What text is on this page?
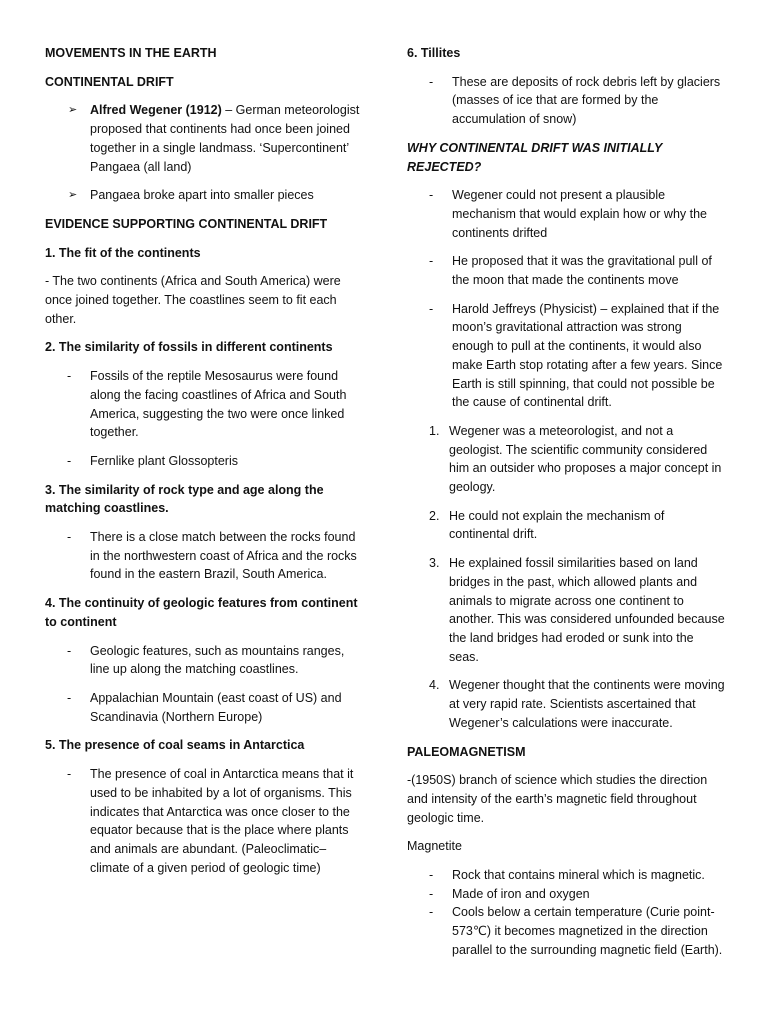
MOVEMENTS IN THE EARTH

CONTINENTAL DRIFT

➢	Alfred Wegener (1912) – German meteorologist proposed that continents had once been joined together in a single landmass. ‘Supercontinent’ Pangaea (all land)
➢	Pangaea broke apart into smaller pieces

EVIDENCE SUPPORTING CONTINENTAL DRIFT

1. The fit of the continents

- The two continents (Africa and South America) were once joined together. The coastlines seem to fit each other.

2. The similarity of fossils in different continents

-	Fossils of the reptile Mesosaurus were found along the facing coastlines of Africa and South America, suggesting the two were once linked together.
-	Fernlike plant Glossopteris

3. The similarity of rock type and age along the matching coastlines.

-	There is a close match between the rocks found in the northwestern coast of Africa and the rocks found in the eastern Brazil, South America.

4. The continuity of geologic features from continent to continent

-	Geologic features, such as mountains ranges, line up along the matching coastlines.
-	Appalachian Mountain (east coast of US) and Scandinavia (Northern Europe)

5. The presence of coal seams in Antarctica

-	The presence of coal in Antarctica means that it used to be inhabited by a lot of organisms. This indicates that Antarctica was once closer to the equator because that is the place where plants and animals are abundant. (Paleoclimatic– climate of a given period of geologic time)

6. Tillites

-	These are deposits of rock debris left by glaciers (masses of ice that are formed by the accumulation of snow)

WHY CONTINENTAL DRIFT WAS INITIALLY REJECTED?

-	Wegener could not present a plausible mechanism that would explain how or why the continents drifted
-	He proposed that it was the gravitational pull of the moon that made the continents move
-	Harold Jeffreys (Physicist) – explained that if the moon’s gravitational attraction was strong enough to pull at the continents, it would also make Earth stop rotating after a few years. Since Earth is still spinning, that could not possible be the cause of continental drift.
1 .	Wegener was a meteorologist, and not a geologist. The scientific community considered him an outsider who proposes a major concept in geology.
2 .	He could not explain the mechanism of continental drift.
3 .	He explained fossil similarities based on land bridges in the past, which allowed plants and animals to migrate across one continent to another. This was considered unfounded because the land bridges had eroded or sunk into the seas.
4 .	Wegener thought that the continents were moving at very rapid rate. Scientists ascertained that Wegener’s calculations were inaccurate.

PALEOMAGNETISM

-(1950S) branch of science which studies the direction and intensity of the earth’s magnetic field throughout geologic time.

Magnetite

-	Rock that contains mineral which is magnetic.
-	Made of iron and oxygen
-	Cools below a certain temperature (Curie point- 573℃) it becomes magnetized in the direction parallel to the surrounding magnetic field (Earth).
